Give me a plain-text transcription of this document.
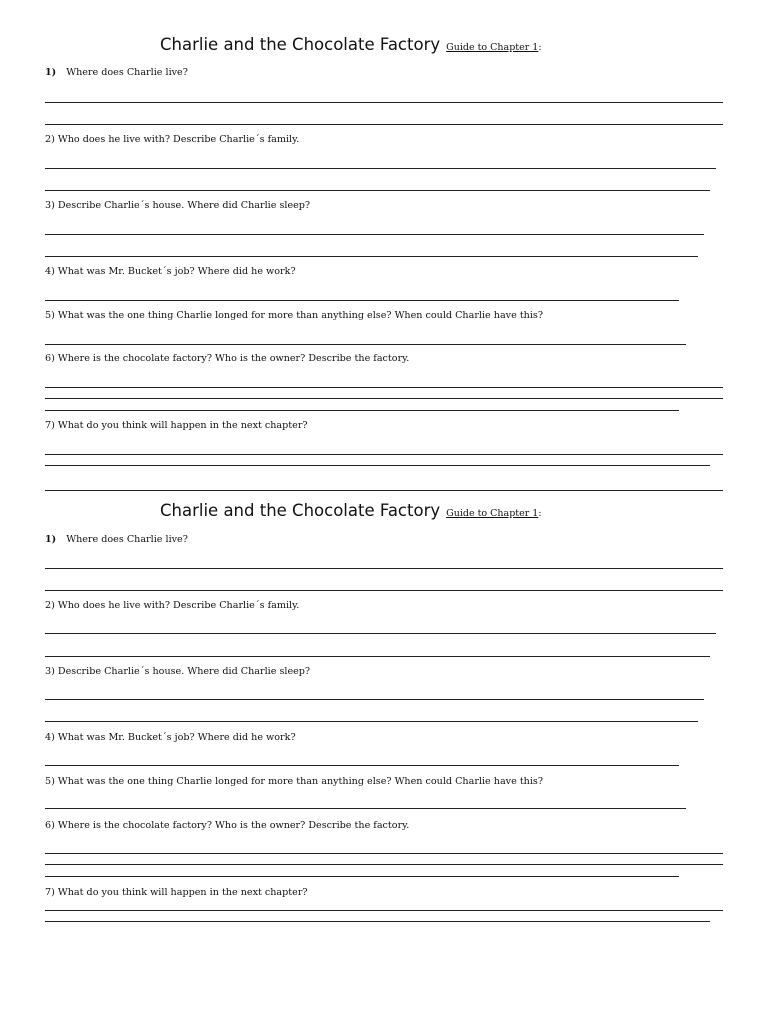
Charlie and the Chocolate Factory Guide to Chapter 1:
1) Where does Charlie live?
2) Who does he live with? Describe Charlie´s family.
3) Describe Charlie´s house. Where did Charlie sleep?
4) What was Mr. Bucket´s job? Where did he work?
5) What was the one thing Charlie longed for more than anything else? When could Charlie have this?
6) Where is the chocolate factory? Who is the owner? Describe the factory.
7) What do you think will happen in the next chapter?
Charlie and the Chocolate Factory Guide to Chapter 1:
1) Where does Charlie live?
2) Who does he live with? Describe Charlie´s family.
3) Describe Charlie´s house. Where did Charlie sleep?
4) What was Mr. Bucket´s job? Where did he work?
5) What was the one thing Charlie longed for more than anything else? When could Charlie have this?
6) Where is the chocolate factory? Who is the owner? Describe the factory.
7) What do you think will happen in the next chapter?
